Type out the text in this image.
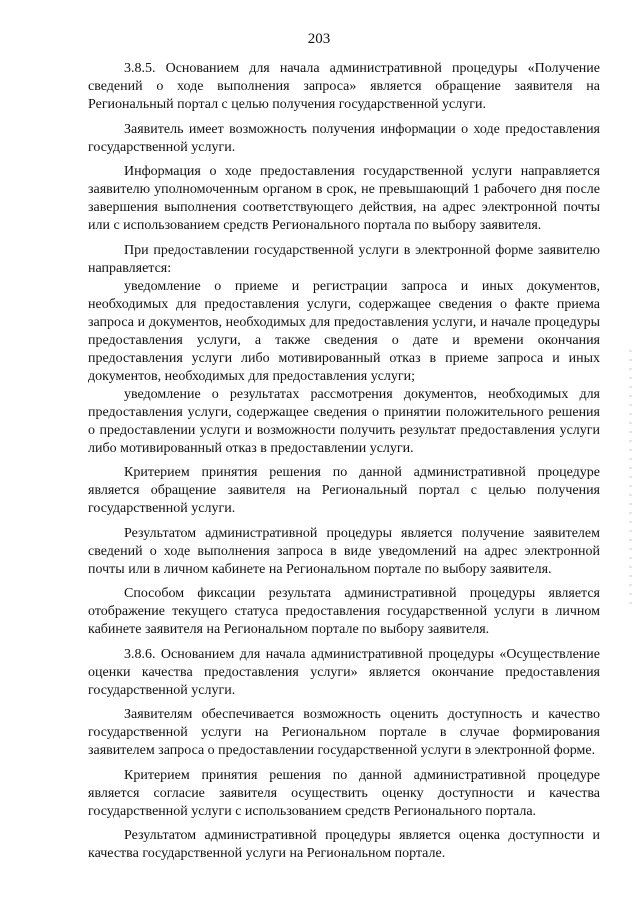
203

3.8.5. Основанием для начала административной процедуры «Получение сведений о ходе выполнения запроса» является обращение заявителя на Региональный портал с целью получения государственной услуги.

Заявитель имеет возможность получения информации о ходе предоставления государственной услуги.

Информация о ходе предоставления государственной услуги направляется заявителю уполномоченным органом в срок, не превышающий 1 рабочего дня после завершения выполнения соответствующего действия, на адрес электронной почты или с использованием средств Регионального портала по выбору заявителя.

При предоставлении государственной услуги в электронной форме заявителю направляется:

уведомление о приеме и регистрации запроса и иных документов, необходимых для предоставления услуги, содержащее сведения о факте приема запроса и документов, необходимых для предоставления услуги, и начале процедуры предоставления услуги, а также сведения о дате и времени окончания предоставления услуги либо мотивированный отказ в приеме запроса и иных документов, необходимых для предоставления услуги;

уведомление о результатах рассмотрения документов, необходимых для предоставления услуги, содержащее сведения о принятии положительного решения о предоставлении услуги и возможности получить результат предоставления услуги либо мотивированный отказ в предоставлении услуги.

Критерием принятия решения по данной административной процедуре является обращение заявителя на Региональный портал с целью получения государственной услуги.

Результатом административной процедуры является получение заявителем сведений о ходе выполнения запроса в виде уведомлений на адрес электронной почты или в личном кабинете на Региональном портале по выбору заявителя.

Способом фиксации результата административной процедуры является отображение текущего статуса предоставления государственной услуги в личном кабинете заявителя на Региональном портале по выбору заявителя.

3.8.6. Основанием для начала административной процедуры «Осуществление оценки качества предоставления услуги» является окончание предоставления государственной услуги.

Заявителям обеспечивается возможность оценить доступность и качество государственной услуги на Региональном портале в случае формирования заявителем запроса о предоставлении государственной услуги в электронной форме.

Критерием принятия решения по данной административной процедуре является согласие заявителя осуществить оценку доступности и качества государственной услуги с использованием средств Регионального портала.

Результатом административной процедуры является оценка доступности и качества государственной услуги на Региональном портале.
